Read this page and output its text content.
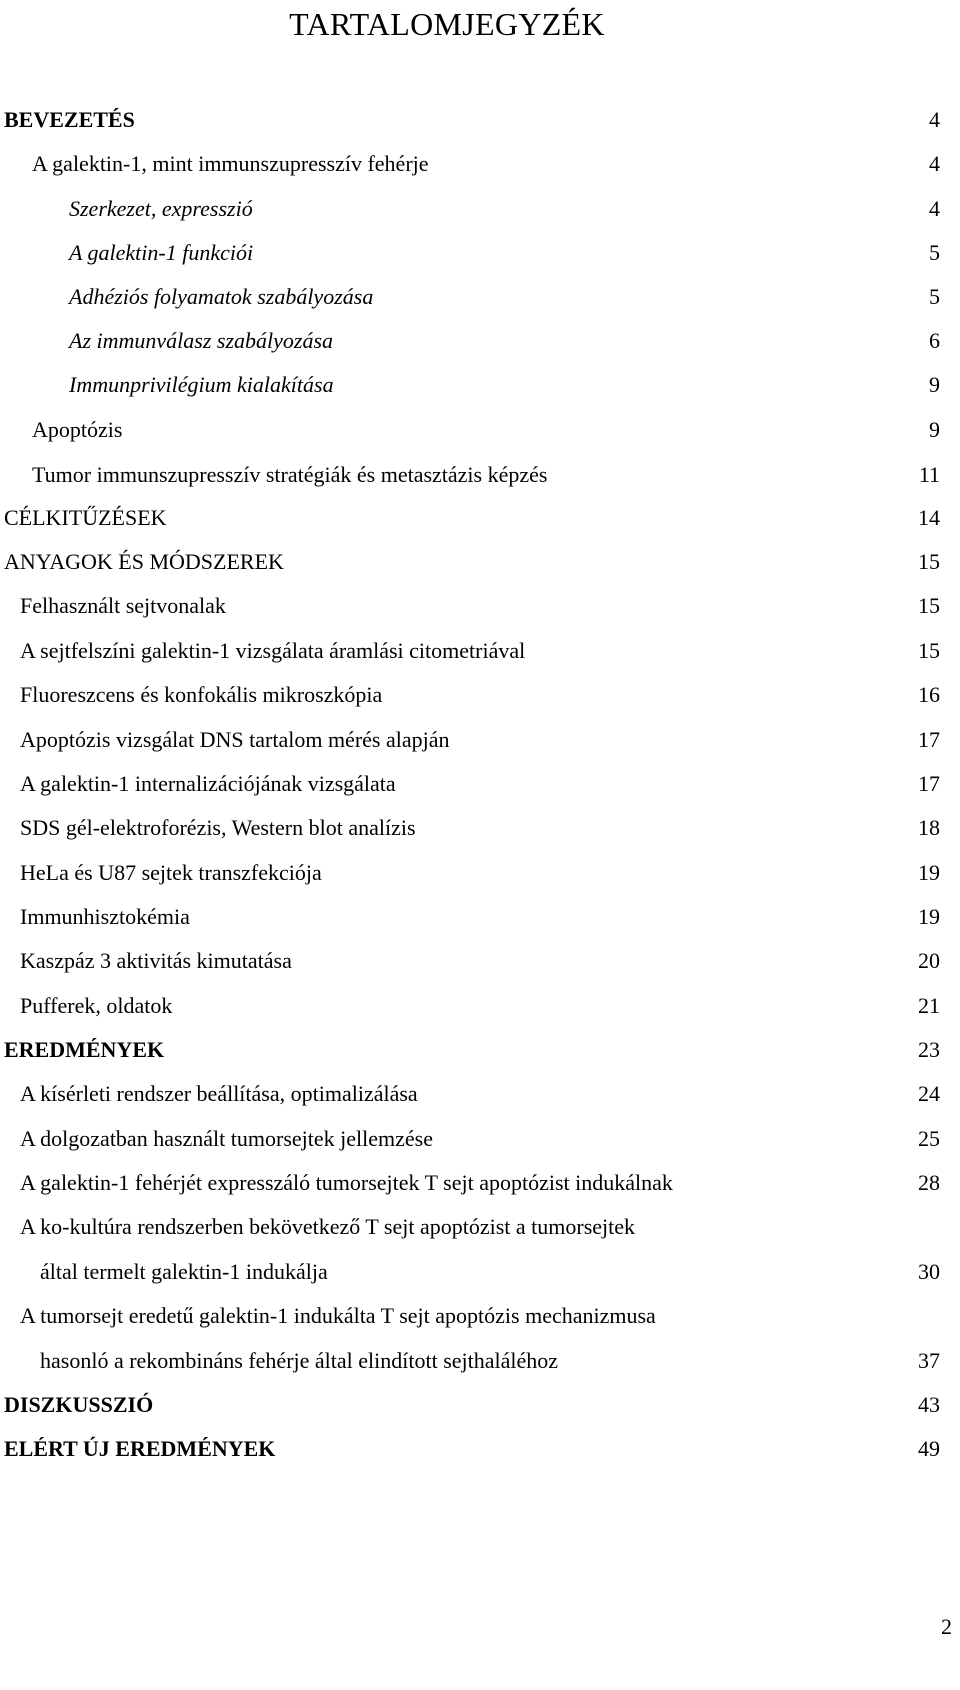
TARTALOMJEGYZÉK
BEVEZETÉS	4
A galektin-1, mint immunszupresszív fehérje	4
Szerkezet, expresszió	4
A galektin-1 funkciói	5
Adhéziós folyamatok szabályozása	5
Az immunválasz szabályozása	6
Immunprivilégium kialakítása	9
Apoptózis	9
Tumor immunszupresszív stratégiák és metasztázis képzés	11
CÉLKITŰZÉSEK	14
ANYAGOK ÉS MÓDSZEREK	15
Felhasznált sejtvonalak	15
A sejtfelszíni galektin-1 vizsgálata áramlási citometriával	15
Fluoreszcens és konfokális mikroszkópia	16
Apoptózis vizsgálat DNS tartalom mérés alapján	17
A galektin-1 internalizációjának vizsgálata	17
SDS gél-elektroforézis, Western blot analízis	18
HeLa és U87 sejtek transzfekciója	19
Immunhisztokémia	19
Kaszpáz 3 aktivitás kimutatása	20
Pufferek, oldatok	21
EREDMÉNYEK	23
A kísérleti rendszer beállítása, optimalizálása	24
A dolgozatban használt tumorsejtek jellemzése	25
A galektin-1 fehérjét expresszáló tumorsejtek T sejt apoptózist indukálnak	28
A ko-kultúra rendszerben bekövetkező T sejt apoptózist a tumorsejtek
által termelt galektin-1 indukálja	30
A tumorsejt eredetű galektin-1 indukálta T sejt apoptózis mechanizmusa
hasonló a rekombináns fehérje által elindított sejthaláléhoz	37
DISZKUSSZIÓ	43
ELÉRT ÚJ EREDMÉNYEK	49
2
